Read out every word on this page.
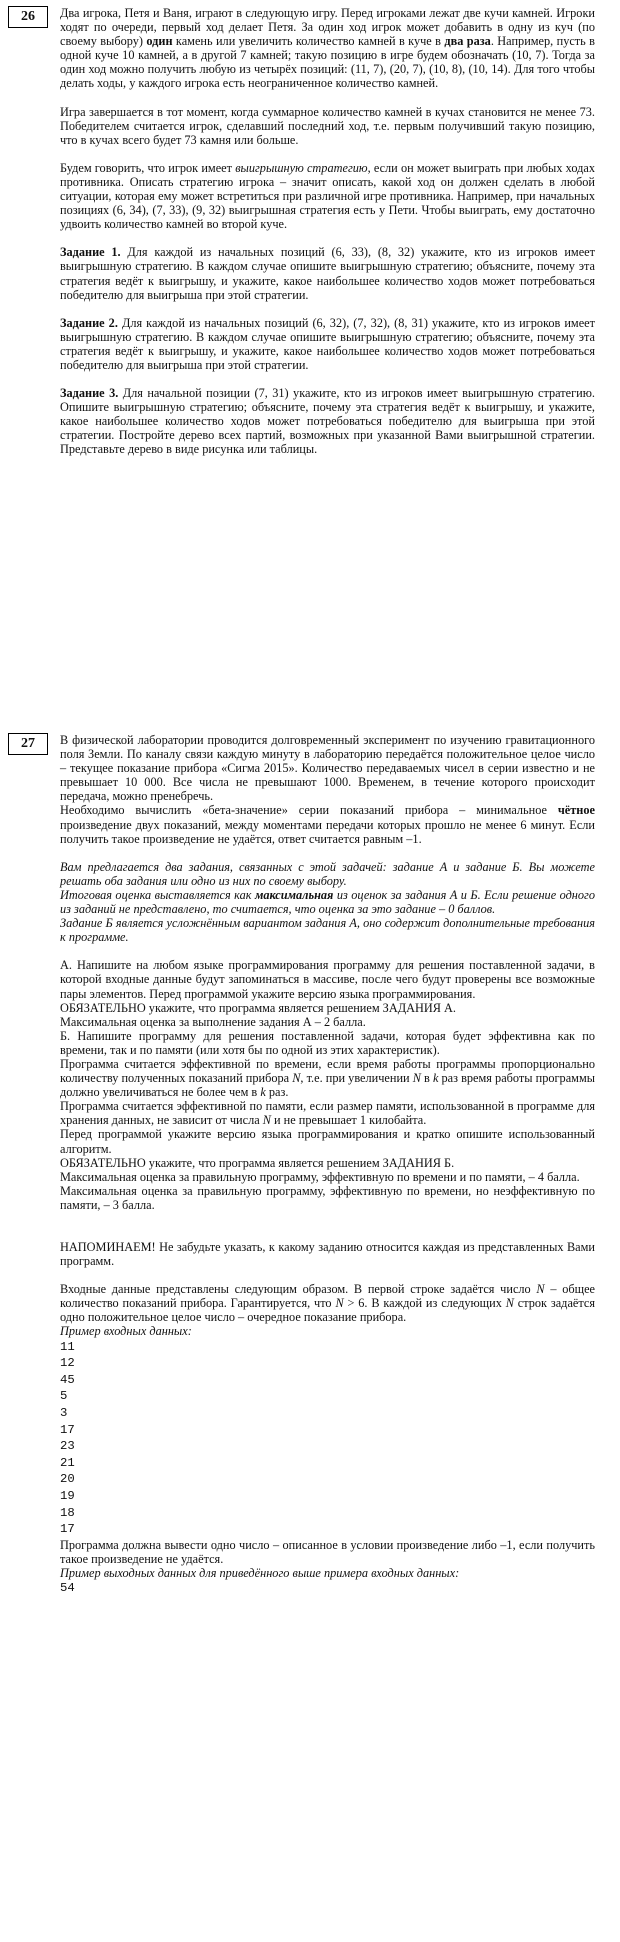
26	Два игрока, Петя и Ваня, играют в следующую игру. Перед игроками лежат две кучи камней. Игроки ходят по очереди, первый ход делает Петя. За один ход игрок может добавить в одну из куч (по своему выбору) один камень или увеличить количество камней в куче в два раза. Например, пусть в одной куче 10 камней, а в другой 7 камней; такую позицию в игре будем обозначать (10, 7). Тогда за один ход можно получить любую из четырёх позиций: (11, 7), (20, 7), (10, 8), (10, 14). Для того чтобы делать ходы, у каждого игрока есть неограниченное количество камней.

Игра завершается в тот момент, когда суммарное количество камней в кучах становится не менее 73. Победителем считается игрок, сделавший последний ход, т.е. первым получивший такую позицию, что в кучах всего будет 73 камня или больше.

Будем говорить, что игрок имеет выигрышную стратегию, если он может выиграть при любых ходах противника. Описать стратегию игрока – значит описать, какой ход он должен сделать в любой ситуации, которая ему может встретиться при различной игре противника. Например, при начальных позициях (6, 34), (7, 33), (9, 32) выигрышная стратегия есть у Пети. Чтобы выиграть, ему достаточно удвоить количество камней во второй куче.

Задание 1. Для каждой из начальных позиций (6, 33), (8, 32) укажите, кто из игроков имеет выигрышную стратегию. В каждом случае опишите выигрышную стратегию; объясните, почему эта стратегия ведёт к выигрышу, и укажите, какое наибольшее количество ходов может потребоваться победителю для выигрыша при этой стратегии.

Задание 2. Для каждой из начальных позиций (6, 32), (7, 32), (8, 31) укажите, кто из игроков имеет выигрышную стратегию. В каждом случае опишите выигрышную стратегию; объясните, почему эта стратегия ведёт к выигрышу, и укажите, какое наибольшее количество ходов может потребоваться победителю для выигрыша при этой стратегии.

Задание 3. Для начальной позиции (7, 31) укажите, кто из игроков имеет выигрышную стратегию. Опишите выигрышную стратегию; объясните, почему эта стратегия ведёт к выигрышу, и укажите, какое наибольшее количество ходов может потребоваться победителю для выигрыша при этой стратегии. Постройте дерево всех партий, возможных при указанной Вами выигрышной стратегии. Представьте дерево в виде рисунка или таблицы.

27	В физической лаборатории проводится долговременный эксперимент по изучению гравитационного поля Земли. По каналу связи каждую минуту в лабораторию передаётся положительное целое число – текущее показание прибора «Сигма 2015». Количество передаваемых чисел в серии известно и не превышает 10 000. Все числа не превышают 1000. Временем, в течение которого происходит передача, можно пренебречь.

Необходимо вычислить «бета-значение» серии показаний прибора – минимальное чётное произведение двух показаний, между моментами передачи которых прошло не менее 6 минут. Если получить такое произведение не удаётся, ответ считается равным –1.

Вам предлагается два задания, связанных с этой задачей: задание А и задание Б. Вы можете решать оба задания или одно из них по своему выбору.

Итоговая оценка выставляется как максимальная из оценок за задания А и Б. Если решение одного из заданий не представлено, то считается, что оценка за это задание – 0 баллов.

Задание Б является усложнённым вариантом задания А, оно содержит дополнительные требования к программе.

А. Напишите на любом языке программирования программу для решения поставленной задачи, в которой входные данные будут запоминаться в массиве, после чего будут проверены все возможные пары элементов. Перед программой укажите версию языка программирования.

ОБЯЗАТЕЛЬНО укажите, что программа является решением ЗАДАНИЯ А.

Максимальная оценка за выполнение задания А – 2 балла.

Б. Напишите программу для решения поставленной задачи, которая будет эффективна как по времени, так и по памяти (или хотя бы по одной из этих характеристик).

Программа считается эффективной по времени, если время работы программы пропорционально количеству полученных показаний прибора N, т.е. при увеличении N в k раз время работы программы должно увеличиваться не более чем в k раз.

Программа считается эффективной по памяти, если размер памяти, использованной в программе для хранения данных, не зависит от числа N и не превышает 1 килобайта.

Перед программой укажите версию языка программирования и кратко опишите использованный алгоритм.

ОБЯЗАТЕЛЬНО укажите, что программа является решением ЗАДАНИЯ Б.

Максимальная оценка за правильную программу, эффективную по времени и по памяти, – 4 балла.

Максимальная оценка за правильную программу, эффективную по времени, но неэффективную по памяти, – 3 балла.

НАПОМИНАЕМ! Не забудьте указать, к какому заданию относится каждая из представленных Вами программ.

Входные данные представлены следующим образом. В первой строке задаётся число N – общее количество показаний прибора. Гарантируется, что N > 6. В каждой из следующих N строк задаётся одно положительное целое число – очередное показание прибора.

Пример входных данных:

11

12

45

5

3

17

23

21

20

19

18

17

Программа должна вывести одно число – описанное в условии произведение либо –1, если получить такое произведение не удаётся.

Пример выходных данных для приведённого выше примера входных данных:

54
